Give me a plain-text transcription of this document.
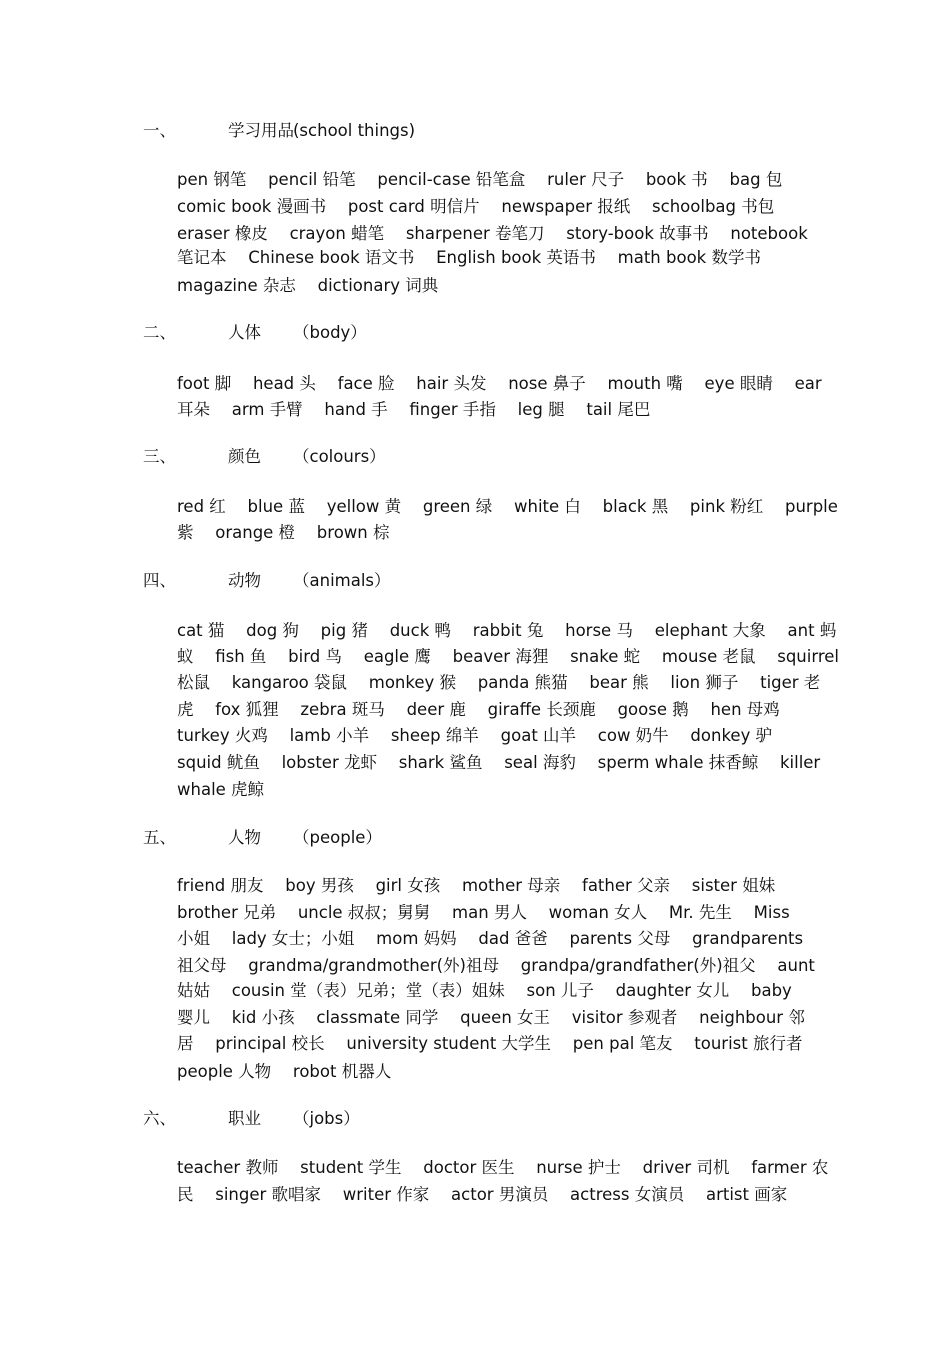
一、	学习用品 (school things)
pen 钢笔　 pencil 铅笔　 pencil-case 铅笔盒　 ruler 尺子　 book 书　 bag 包
comic book 漫画书　 post card 明信片　 newspaper 报纸　 schoolbag 书包
eraser 橡皮　 crayon 蜡笔　 sharpener 卷笔刀　 story-book 故事书　 notebook
笔记本　 Chinese book 语文书　 English book 英语书　 math book 数学书
magazine 杂志　 dictionary 词典
二、	人体 （body）
foot 脚　 head 头　 face 脸　 hair 头发　 nose 鼻子　 mouth 嘴　 eye 眼睛　 ear
耳朵　 arm 手臂　 hand 手　 finger 手指　 leg 腿　 tail 尾巴
三、	颜色 （colours）
red 红　 blue 蓝　 yellow 黄　 green 绿　 white 白　 black 黑　 pink 粉红　 purple
紫　 orange 橙　 brown 棕
四、	动物 （animals）
cat 猫　 dog 狗　 pig 猪　 duck 鸭　 rabbit 兔　 horse 马　 elephant 大象　 ant 蚂
蚁　 fish 鱼　 bird 鸟　 eagle 鹰　 beaver 海狸　 snake 蛇　 mouse 老鼠　 squirrel
松鼠　 kangaroo 袋鼠　 monkey 猴　 panda 熊猫　 bear 熊　 lion 狮子　 tiger 老
虎　 fox 狐狸　 zebra 斑马　 deer 鹿　 giraffe 长颈鹿　 goose 鹅　 hen 母鸡
turkey 火鸡　 lamb 小羊　 sheep 绵羊　 goat 山羊　 cow 奶牛　 donkey 驴
squid 鱿鱼　 lobster 龙虾　 shark 鲨鱼　 seal 海豹　 sperm whale 抹香鲸　 killer
whale 虎鲸
五、	人物 （people）
friend 朋友　 boy 男孩　 girl 女孩　 mother 母亲　 father 父亲　 sister 姐妹
brother 兄弟　 uncle 叔叔；舅舅　 man 男人　 woman 女人　 Mr. 先生　 Miss
小姐　 lady 女士；小姐　 mom 妈妈　 dad 爸爸　 parents 父母　 grandparents
祖父母　 grandma/grandmother(外)祖母　 grandpa/grandfather(外)祖父　 aunt
姑姑　 cousin 堂（表）兄弟；堂（表）姐妹　 son 儿子　 daughter 女儿　 baby
婴儿　 kid 小孩　 classmate 同学　 queen 女王　 visitor 参观者　 neighbour 邻
居　 principal 校长　 university student 大学生　 pen pal 笔友　 tourist 旅行者
people 人物　 robot 机器人
六、	职业 （jobs）
teacher 教师　 student 学生　 doctor 医生　 nurse 护士　 driver 司机　 farmer 农
民　 singer 歌唱家　 writer 作家　 actor 男演员　 actress 女演员　 artist 画家
